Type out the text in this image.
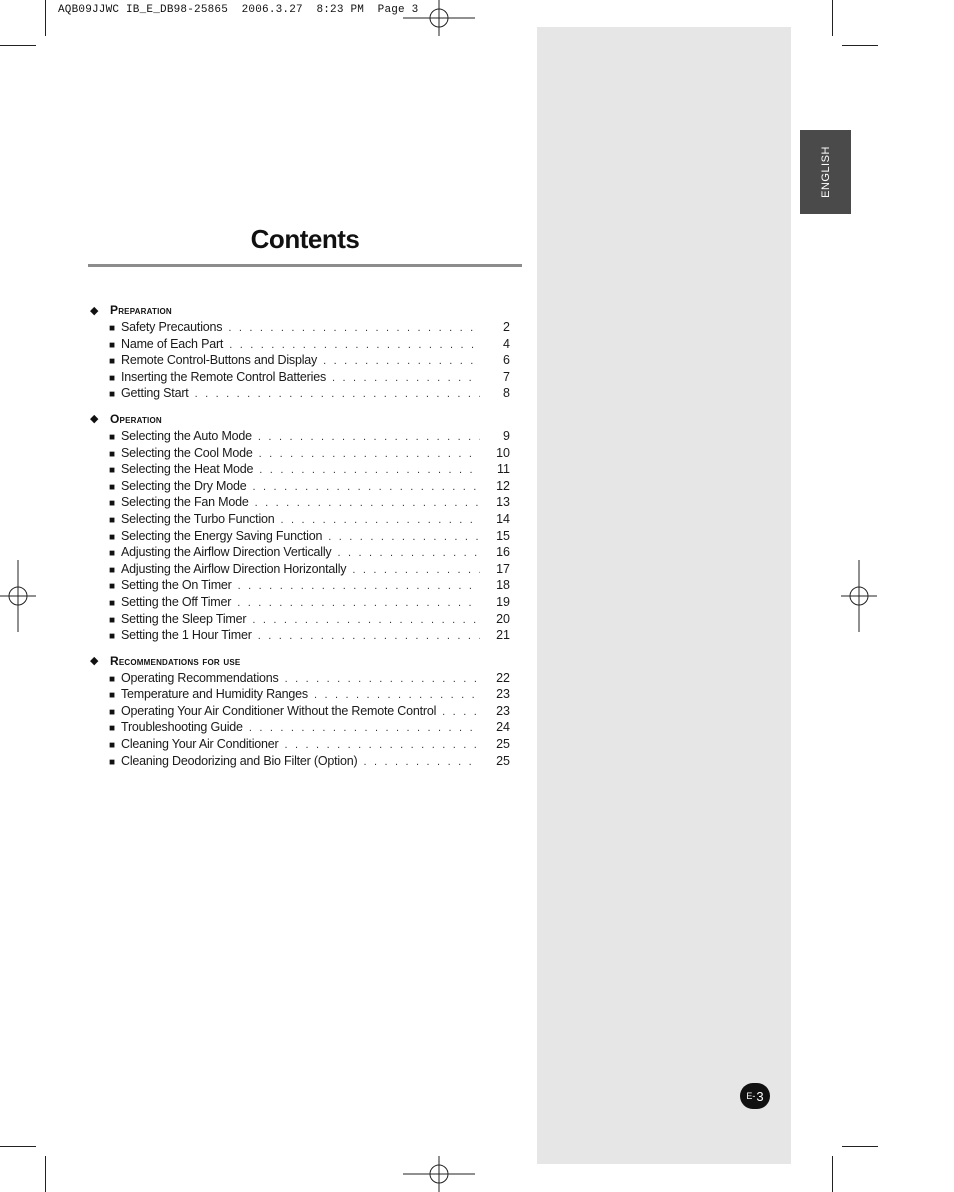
AQB09JJWC IB_E_DB98-25865  2006.3.27  8:23 PM  Page 3
ENGLISH
Contents
◆ Preparation
■ Safety Precautions . . .	2
■ Name of Each Part . . .	4
■ Remote Control-Buttons and Display . . .	6
■ Inserting the Remote Control Batteries . . .	7
■ Getting Start . . .	8
◆ Operation
■ Selecting the Auto Mode . . .	9
■ Selecting the Cool Mode . . .	10
■ Selecting the Heat Mode . . .	11
■ Selecting the Dry Mode . . .	12
■ Selecting the Fan Mode . . .	13
■ Selecting the Turbo Function . . .	14
■ Selecting the Energy Saving Function . . .	15
■ Adjusting the Airflow Direction Vertically . . .	16
■ Adjusting the Airflow Direction Horizontally . . .	17
■ Setting the On Timer . . .	18
■ Setting the Off Timer . . .	19
■ Setting the Sleep Timer . . .	20
■ Setting the 1 Hour Timer . . .	21
◆ Recommendations for use
■ Operating Recommendations . . .	22
■ Temperature and Humidity Ranges . . .	23
■ Operating Your Air Conditioner Without the Remote Control . . .	23
■ Troubleshooting Guide . . .	24
■ Cleaning Your Air Conditioner . . .	25
■ Cleaning Deodorizing and Bio Filter (Option) . . .	25
E- 3
